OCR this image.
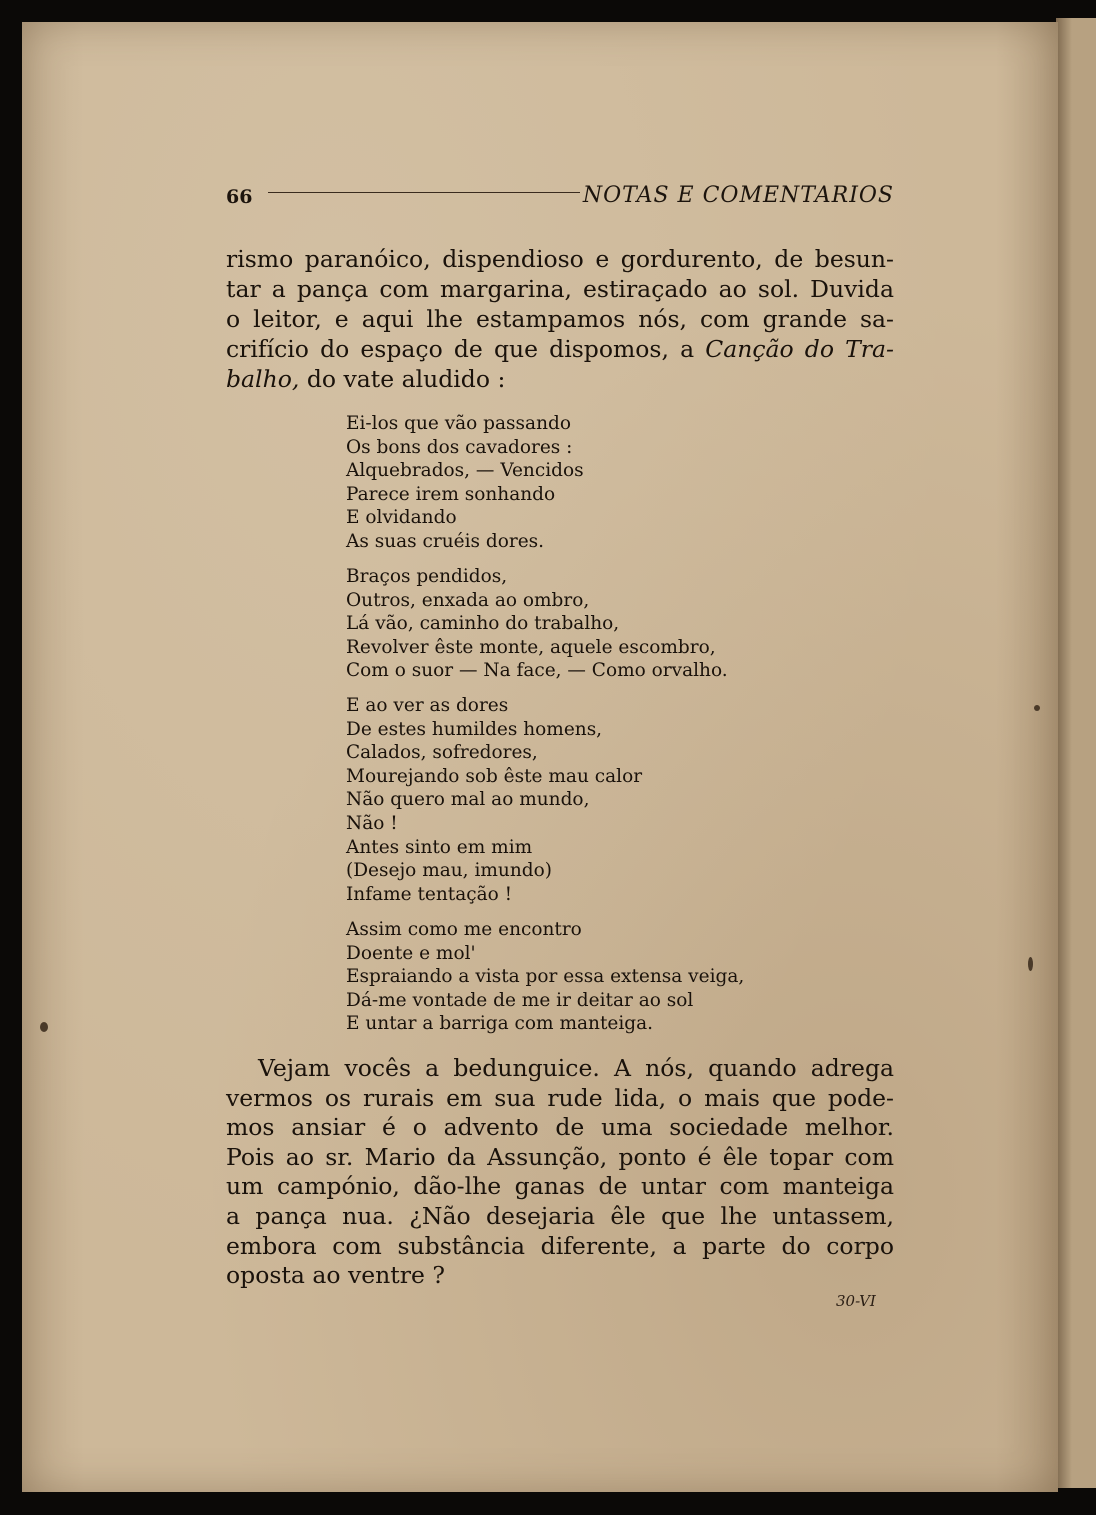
66	NOTAS E COMENTARIOS
rismo paranóico, dispendioso e gordurento, de besun-
tar a pança com margarina, estiraçado ao sol. Duvida
o leitor, e aqui lhe estampamos nós, com grande sa-
crifício do espaço de que dispomos, a Canção do Tra-
balho, do vate aludido :
Ei-los que vão passando
Os bons dos cavadores :
Alquebrados, — Vencidos
Parece irem sonhando
E olvidando
As suas cruéis dores.
Braços pendidos,
Outros, enxada ao ombro,
Lá vão, caminho do trabalho,
Revolver êste monte, aquele escombro,
Com o suor — Na face, — Como orvalho.
E ao ver as dores
De estes humildes homens,
Calados, sofredores,
Mourejando sob êste mau calor
Não quero mal ao mundo,
Não !
Antes sinto em mim
(Desejo mau, imundo)
Infame tentação !
Assim como me encontro
Doente e mol'
Espraiando a vista por essa extensa veiga,
Dá-me vontade de me ir deitar ao sol
E untar a barriga com manteiga.
Vejam vocês a bedunguice. A nós, quando adrega
vermos os rurais em sua rude lida, o mais que pode-
mos ansiar é o advento de uma sociedade melhor.
Pois ao sr. Mario da Assunção, ponto é êle topar com
um campónio, dão-lhe ganas de untar com manteiga
a pança nua. ¿Não desejaria êle que lhe untassem,
embora com substância diferente, a parte do corpo
oposta ao ventre ?
30-VI
